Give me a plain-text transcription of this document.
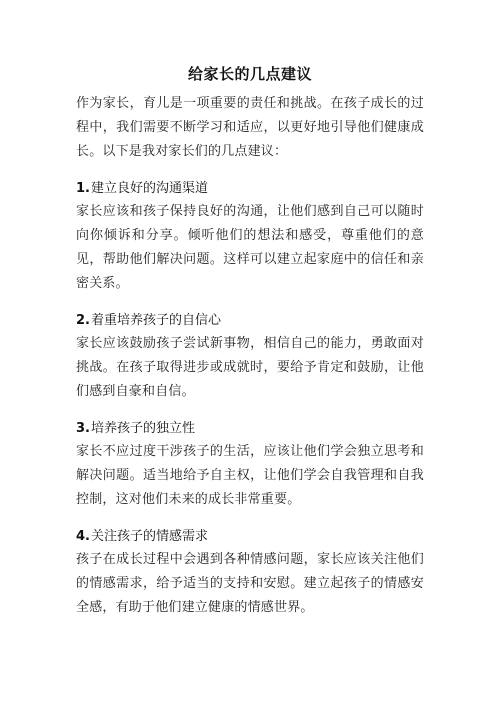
给家长的几点建议

作为家长，育儿是一项重要的责任和挑战。在孩子成长的过程中，我们需要不断学习和适应，以更好地引导他们健康成长。以下是我对家长们的几点建议：

1.建立良好的沟通渠道

家长应该和孩子保持良好的沟通，让他们感到自己可以随时向你倾诉和分享。倾听他们的想法和感受，尊重他们的意见，帮助他们解决问题。这样可以建立起家庭中的信任和亲密关系。

2.着重培养孩子的自信心

家长应该鼓励孩子尝试新事物，相信自己的能力，勇敢面对挑战。在孩子取得进步或成就时，要给予肯定和鼓励，让他们感到自豪和自信。

3.培养孩子的独立性

家长不应过度干涉孩子的生活，应该让他们学会独立思考和解决问题。适当地给予自主权，让他们学会自我管理和自我控制，这对他们未来的成长非常重要。

4.关注孩子的情感需求

孩子在成长过程中会遇到各种情感问题，家长应该关注他们的情感需求，给予适当的支持和安慰。建立起孩子的情感安全感，有助于他们建立健康的情感世界。
